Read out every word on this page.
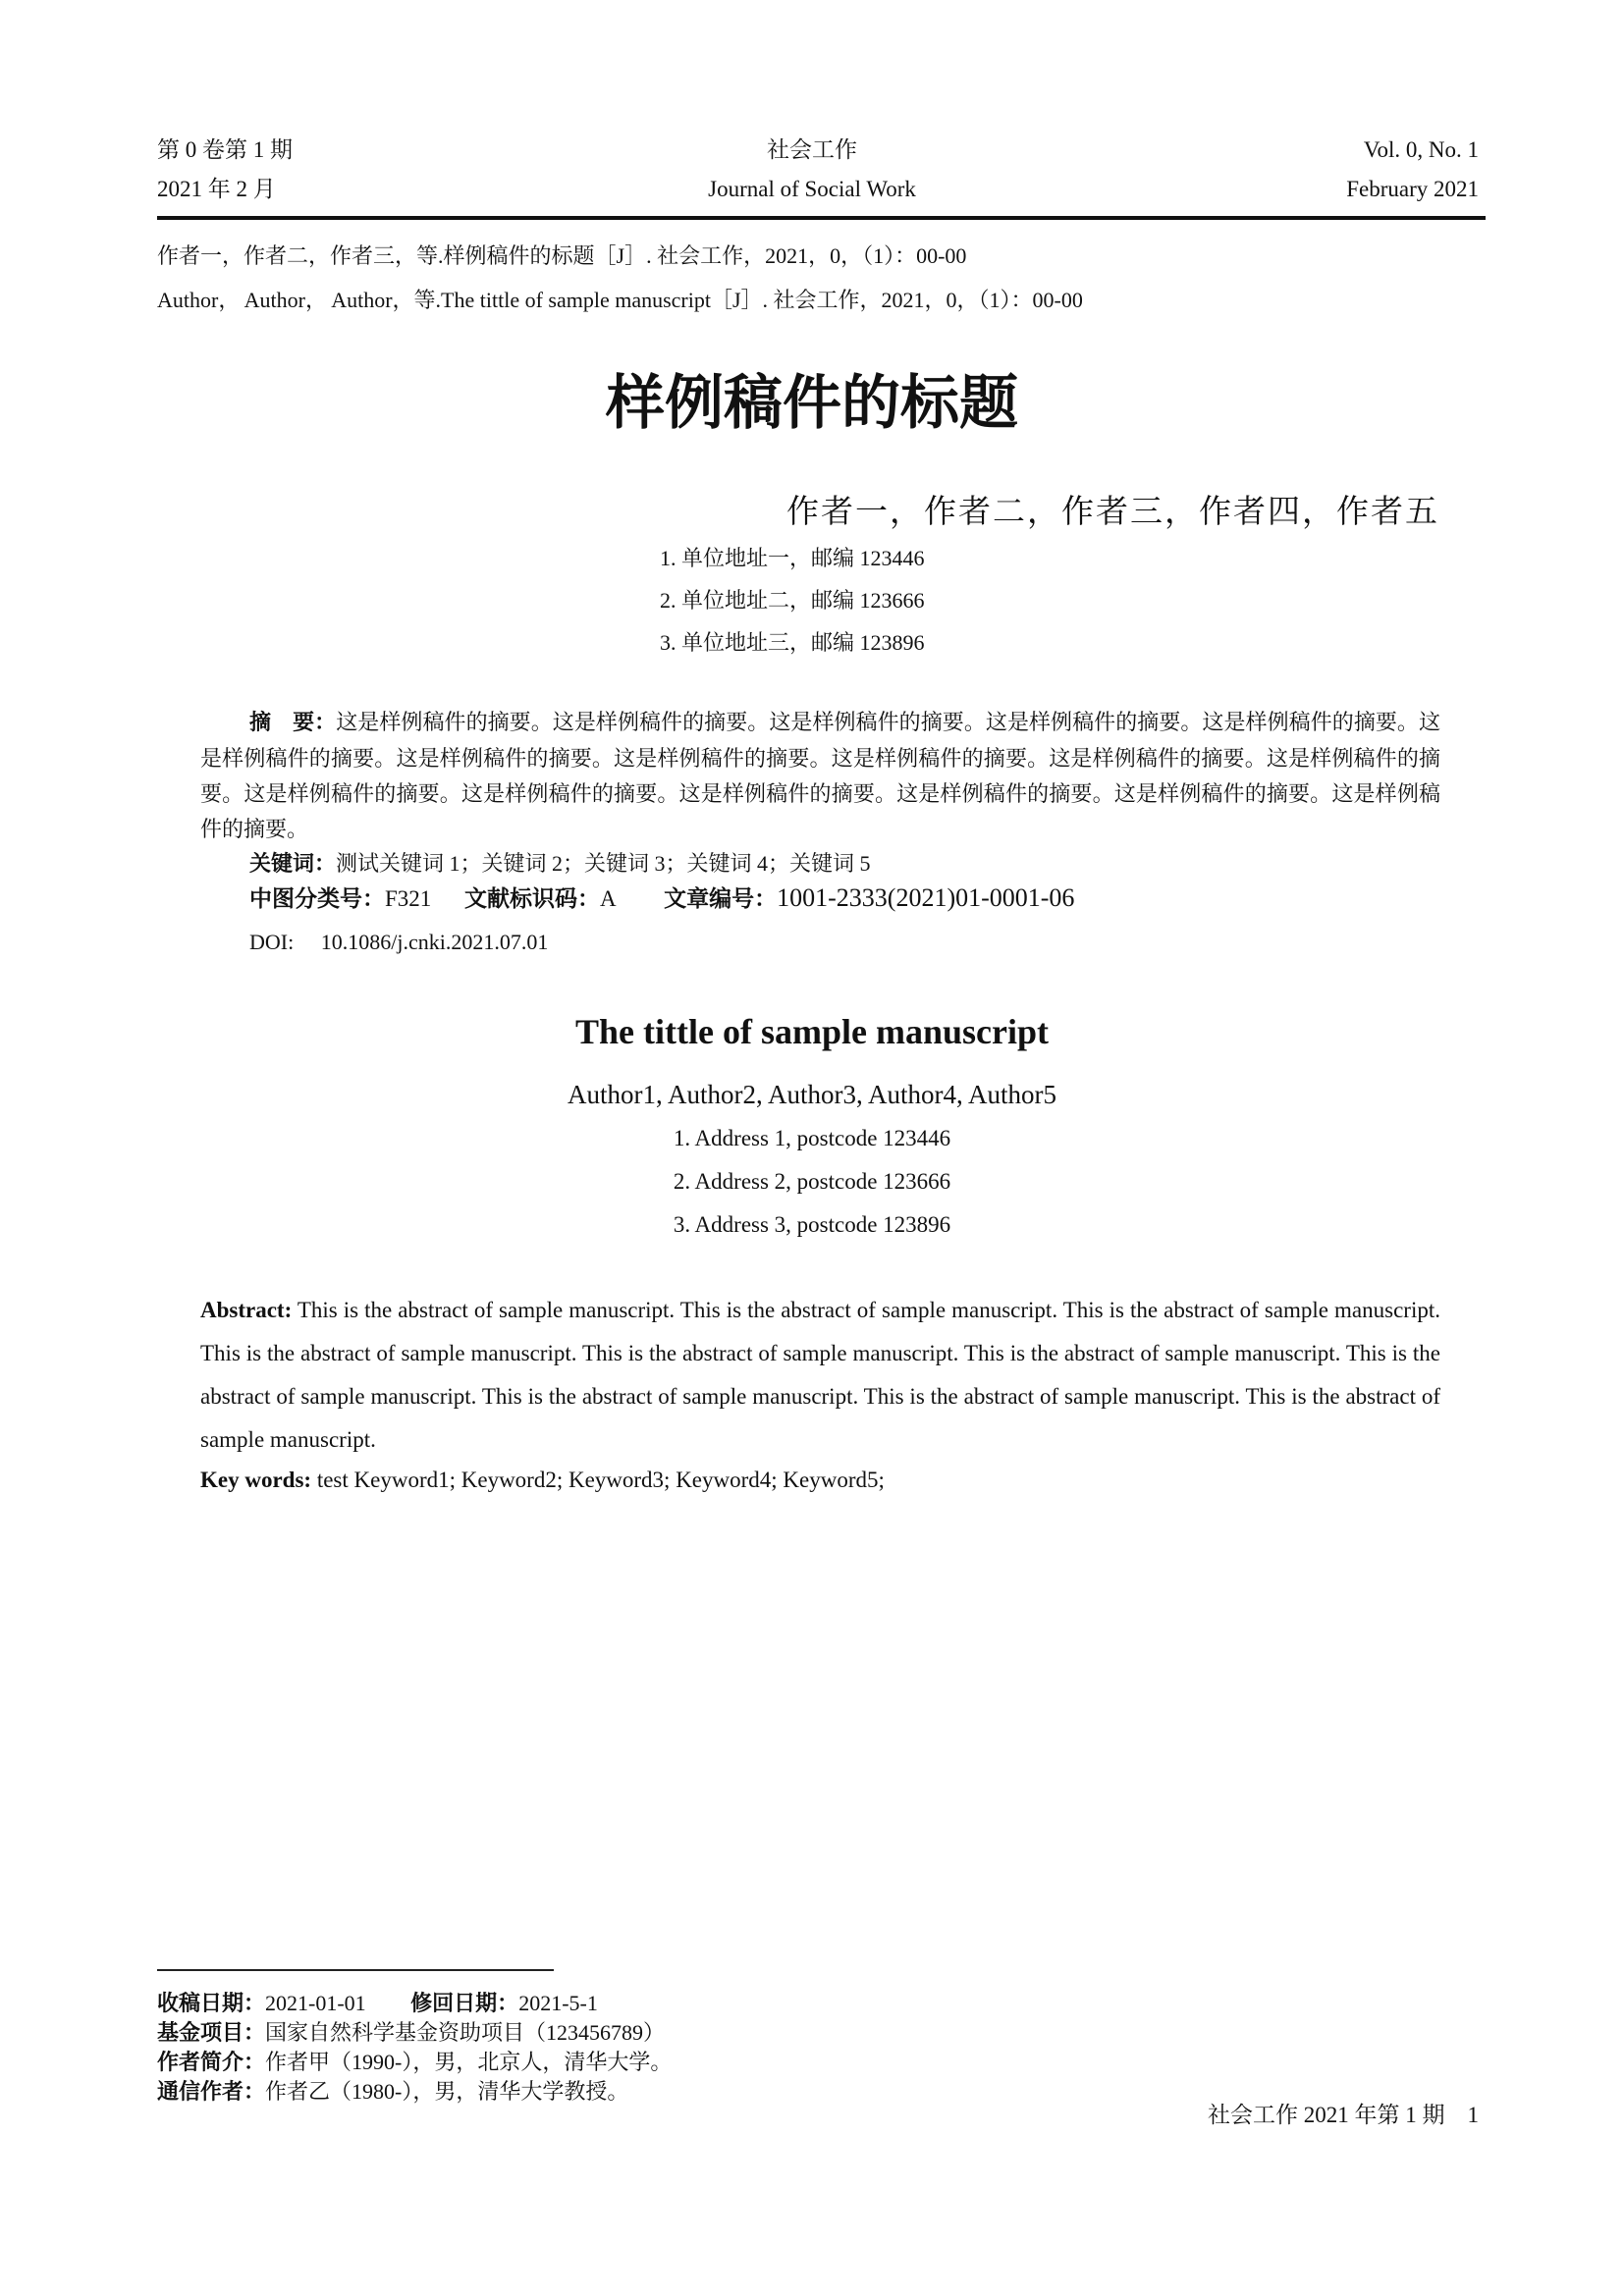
第 0 卷第 1 期
2021 年 2 月
社会工作
Journal of Social Work
Vol. 0, No. 1
February 2021
作者一，作者二，作者三，等.样例稿件的标题［J］. 社会工作，2021，0，（1）：00-00
Author， Author， Author，等.The tittle of sample manuscript［J］. 社会工作，2021，0，（1）：00-00
样例稿件的标题
作者一，作者二，作者三，作者四，作者五
1. 单位地址一，邮编 123446
2. 单位地址二，邮编 123666
3. 单位地址三，邮编 123896
摘　要：这是样例稿件的摘要。这是样例稿件的摘要。这是样例稿件的摘要。这是样例稿件的摘要。这是样例稿件的摘要。这是样例稿件的摘要。这是样例稿件的摘要。这是样例稿件的摘要。这是样例稿件的摘要。这是样例稿件的摘要。这是样例稿件的摘要。这是样例稿件的摘要。这是样例稿件的摘要。这是样例稿件的摘要。这是样例稿件的摘要。这是样例稿件的摘要。这是样例稿件的摘要。
关键词：测试关键词 1；关键词 2；关键词 3；关键词 4；关键词 5
中图分类号：F321 文献标识码：A 文章编号：1001-2333(2021)01-0001-06
DOI: 10.1086/j.cnki.2021.07.01
The tittle of sample manuscript
Author1, Author2, Author3, Author4, Author5
1. Address 1, postcode 123446
2. Address 2, postcode 123666
3. Address 3, postcode 123896
Abstract: This is the abstract of sample manuscript. This is the abstract of sample manuscript. This is the abstract of sample manuscript. This is the abstract of sample manuscript. This is the abstract of sample manuscript. This is the abstract of sample manuscript. This is the abstract of sample manuscript. This is the abstract of sample manuscript. This is the abstract of sample manuscript. This is the abstract of sample manuscript.
Key words: test Keyword1; Keyword2; Keyword3; Keyword4; Keyword5;
收稿日期：2021-01-01 修回日期：2021-5-1
基金项目：国家自然科学基金资助项目（123456789）
作者简介：作者甲（1990-），男，北京人，清华大学。
通信作者：作者乙（1980-），男，清华大学教授。
社会工作 2021 年第 1 期　1
